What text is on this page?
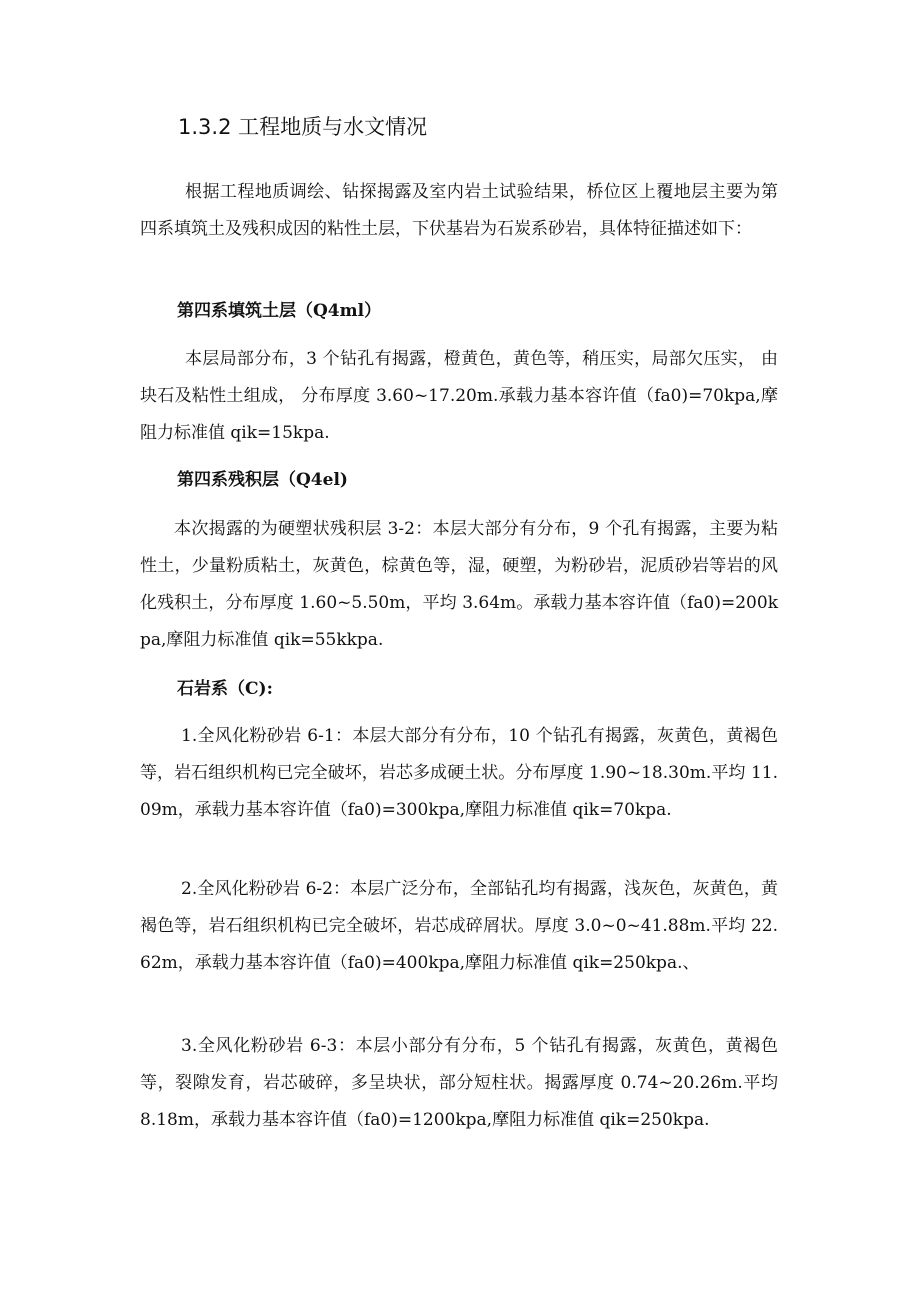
1.3.2 工程地质与水文情况

根据工程地质调绘、钻探揭露及室内岩土试验结果，桥位区上覆地层主要为第四系填筑土及残积成因的粘性土层，下伏基岩为石炭系砂岩，具体特征描述如下：

第四系填筑土层（Q4ml）

本层局部分布，3 个钻孔有揭露，橙黄色，黄色等，稍压实，局部欠压实， 由块石及粘性土组成， 分布厚度 3.60~17.20m.承载力基本容许值（fa0)=70kpa,摩阻力标准值 qik=15kpa.

第四系残积层（Q4el)

本次揭露的为硬塑状残积层 3-2：本层大部分有分布，9 个孔有揭露，主要为粘性土，少量粉质粘土，灰黄色，棕黄色等，湿，硬塑，为粉砂岩，泥质砂岩等岩的风化残积土，分布厚度 1.60~5.50m，平均 3.64m。承载力基本容许值（fa0)=200kpa,摩阻力标准值 qik=55kkpa.

石岩系（C):

1.全风化粉砂岩 6-1：本层大部分有分布，10 个钻孔有揭露，灰黄色，黄褐色等，岩石组织机构已完全破坏，岩芯多成硬土状。分布厚度 1.90~18.30m.平均 11.09m，承载力基本容许值（fa0)=300kpa,摩阻力标准值 qik=70kpa.

2.全风化粉砂岩 6-2：本层广泛分布，全部钻孔均有揭露，浅灰色，灰黄色，黄褐色等，岩石组织机构已完全破坏，岩芯成碎屑状。厚度 3.0~0~41.88m.平均 22.62m，承载力基本容许值（fa0)=400kpa,摩阻力标准值 qik=250kpa.、

3.全风化粉砂岩 6-3：本层小部分有分布，5 个钻孔有揭露，灰黄色，黄褐色等，裂隙发育，岩芯破碎，多呈块状，部分短柱状。揭露厚度 0.74~20.26m.平均 8.18m，承载力基本容许值（fa0)=1200kpa,摩阻力标准值 qik=250kpa.
